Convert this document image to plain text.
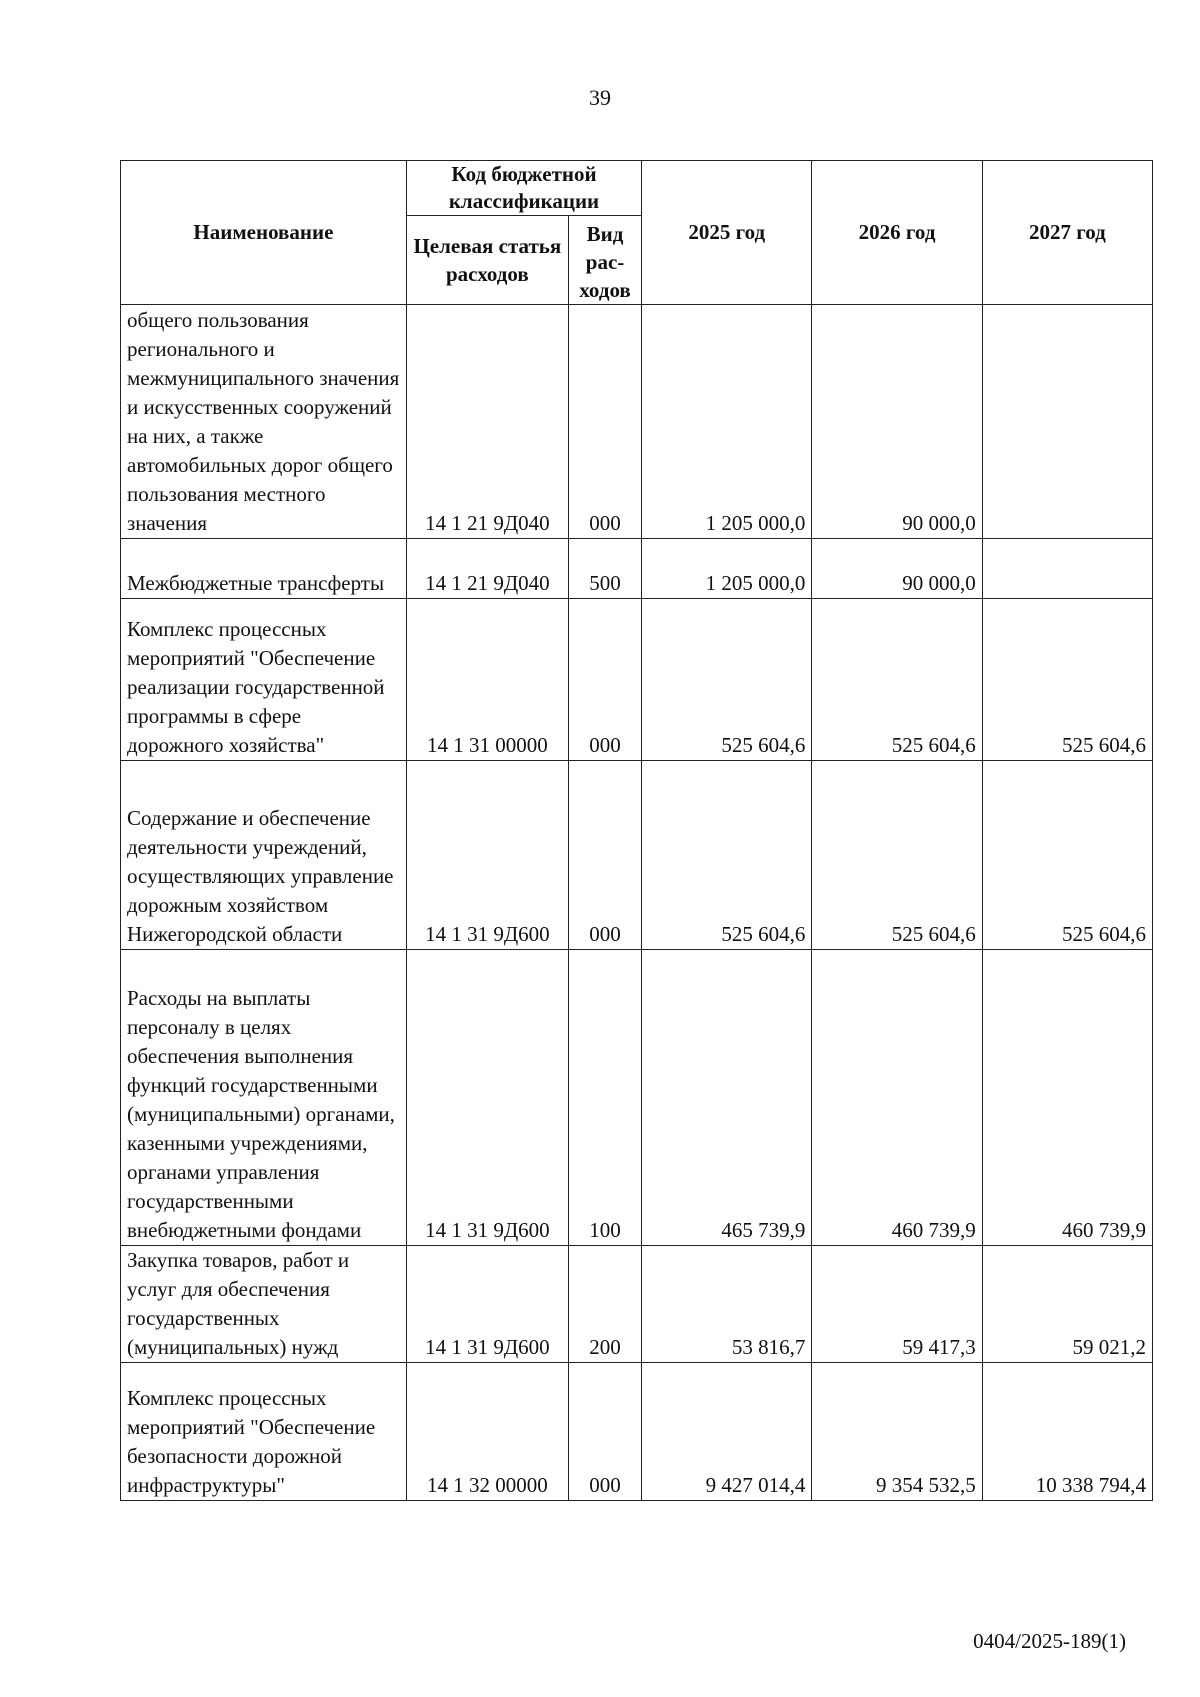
39
Наименование	Код бюджетной классификации		2025 год	2026 год	2027 год
	Целевая статья расходов	Вид рас-ходов			
общего пользования регионального и межмуниципального значения и искусственных сооружений на них, а также автомобильных дорог общего пользования местного значения	14 1 21 9Д040	000	1 205 000,0	90 000,0	
Межбюджетные трансферты	14 1 21 9Д040	500	1 205 000,0	90 000,0	
Комплекс процессных мероприятий "Обеспечение реализации государственной программы в сфере дорожного хозяйства"	14 1 31 00000	000	525 604,6	525 604,6	525 604,6
Содержание и обеспечение деятельности учреждений, осуществляющих управление дорожным хозяйством Нижегородской области	14 1 31 9Д600	000	525 604,6	525 604,6	525 604,6
Расходы на выплаты персоналу в целях обеспечения выполнения функций государственными (муниципальными) органами, казенными учреждениями, органами управления государственными внебюджетными фондами	14 1 31 9Д600	100	465 739,9	460 739,9	460 739,9
Закупка товаров, работ и услуг для обеспечения государственных (муниципальных) нужд	14 1 31 9Д600	200	53 816,7	59 417,3	59 021,2
Комплекс процессных мероприятий "Обеспечение безопасности дорожной инфраструктуры"	14 1 32 00000	000	9 427 014,4	9 354 532,5	10 338 794,4
0404/2025-189(1)
